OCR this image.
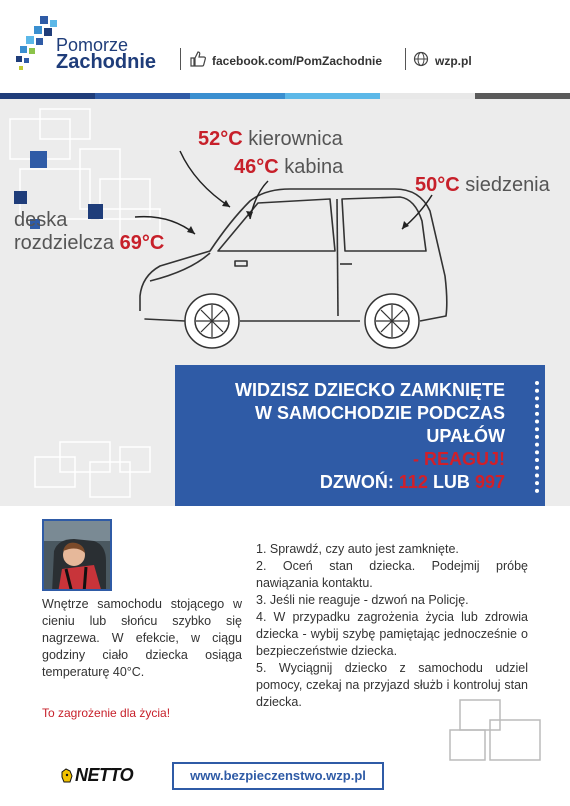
Pomorze
Zachodnie	facebook.com/PomZachodnie	wzp.pl
52°C kierownica
46°C kabina
50°C siedzenia
deska
rozdzielcza 69°C
WIDZISZ DZIECKO ZAMKNIĘTE
W SAMOCHODZIE PODCZAS
UPAŁÓW
- REAGUJ!
DZWOŃ: 112 LUB 997
Wnętrze samochodu stojącego w cieniu lub słońcu szybko się nagrzewa. W efekcie, w ciągu godziny ciało dziecka osiąga temperaturę 40°C.
To zagrożenie dla życia!

1. Sprawdź, czy auto jest zamknięte.

2. Oceń stan dziecka. Podejmij próbę nawiązania kontaktu.

3. Jeśli nie reaguje - dzwoń na Policję.

4. W przypadku zagrożenia życia lub zdrowia dziecka - wybij szybę pamiętając jednocześnie o bezpieczeństwie dziecka.

5. Wyciągnij dziecko z samochodu udziel pomocy, czekaj na przyjazd służb i kontroluj stan dziecka.

NETTO	www.bezpieczenstwo.wzp.pl
